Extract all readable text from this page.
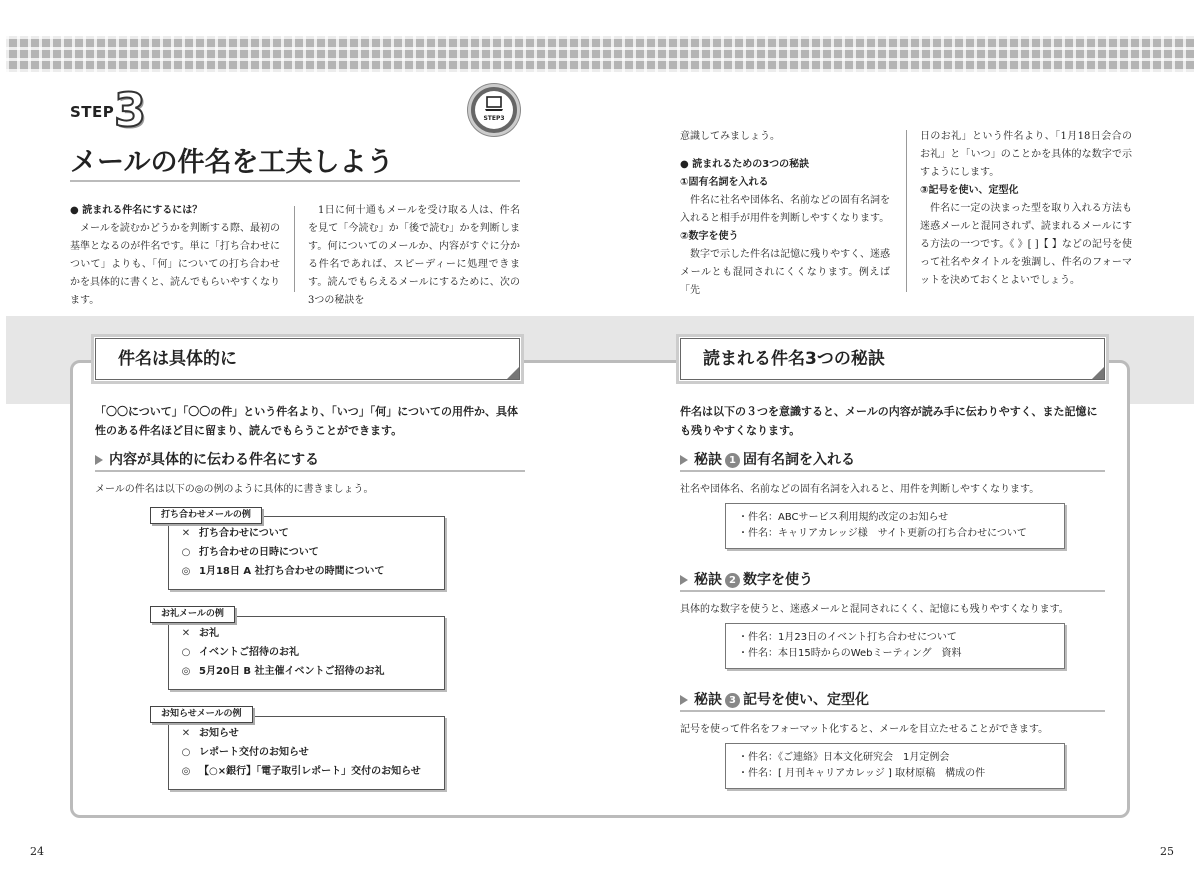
STEP 3	STEP3
メールの件名を工夫しよう

● 読まれる件名にするには？

メールを読むかどうかを判断する際、最初の基準となるのが件名です。単に「打ち合わせについて」よりも、「何」についての打ち合わせかを具体的に書くと、読んでもらいやすくなります。

1日に何十通もメールを受け取る人は、件名を見て「今読む」か「後で読む」かを判断します。何についてのメールか、内容がすぐに分かる件名であれば、スピーディーに処理できます。読んでもらえるメールにするために、次の3つの秘訣を

意識してみましょう。

● 読まれるための3つの秘訣

①固有名詞を入れる

件名に社名や団体名、名前などの固有名詞を入れると相手が用件を判断しやすくなります。

②数字を使う

数字で示した件名は記憶に残りやすく、迷惑メールとも混同されにくくなります。例えば「先

日のお礼」という件名より、「1月18日会合のお礼」と「いつ」のことかを具体的な数字で示すようにします。

③記号を使い、定型化

件名に一定の決まった型を取り入れる方法も迷惑メールと混同されず、読まれるメールにする方法の一つです。《 》[ ]【 】などの記号を使って社名やタイトルを強調し、件名のフォーマットを決めておくとよいでしょう。

件名は具体的に
「〇〇について」「〇〇の件」という件名より、「いつ」「何」についての用件か、具体性のある件名ほど目に留まり、読んでもらうことができます。
内容が具体的に伝わる件名にする
メールの件名は以下の◎の例のように具体的に書きましょう。
✕ 打ち合わせについて
○ 打ち合わせの日時について
◎ 1月18日 A 社打ち合わせの時間について
打ち合わせメールの例
✕ お礼
○ イベントご招待のお礼
◎ 5月20日 B 社主催イベントご招待のお礼
お礼メールの例
✕ お知らせ
○ レポート交付のお知らせ
◎ 【○×銀行】「電子取引レポート」交付のお知らせ
お知らせメールの例
読まれる件名3つの秘訣
件名は以下の３つを意識すると、メールの内容が読み手に伝わりやすく、また記憶にも残りやすくなります。
秘訣 1 固有名詞を入れる
社名や団体名、名前などの固有名詞を入れると、用件を判断しやすくなります。
・件名：ABCサービス利用規約改定のお知らせ
・件名：キャリアカレッジ様　サイト更新の打ち合わせについて
秘訣 2 数字を使う
具体的な数字を使うと、迷惑メールと混同されにくく、記憶にも残りやすくなります。
・件名：1月23日のイベント打ち合わせについて
・件名：本日15時からのWebミーティング　資料
秘訣 3 記号を使い、定型化
記号を使って件名をフォーマット化すると、メールを目立たせることができます。
・件名：《ご連絡》日本文化研究会　1月定例会
・件名：[ 月刊キャリアカレッジ ] 取材原稿　構成の件
24	25
